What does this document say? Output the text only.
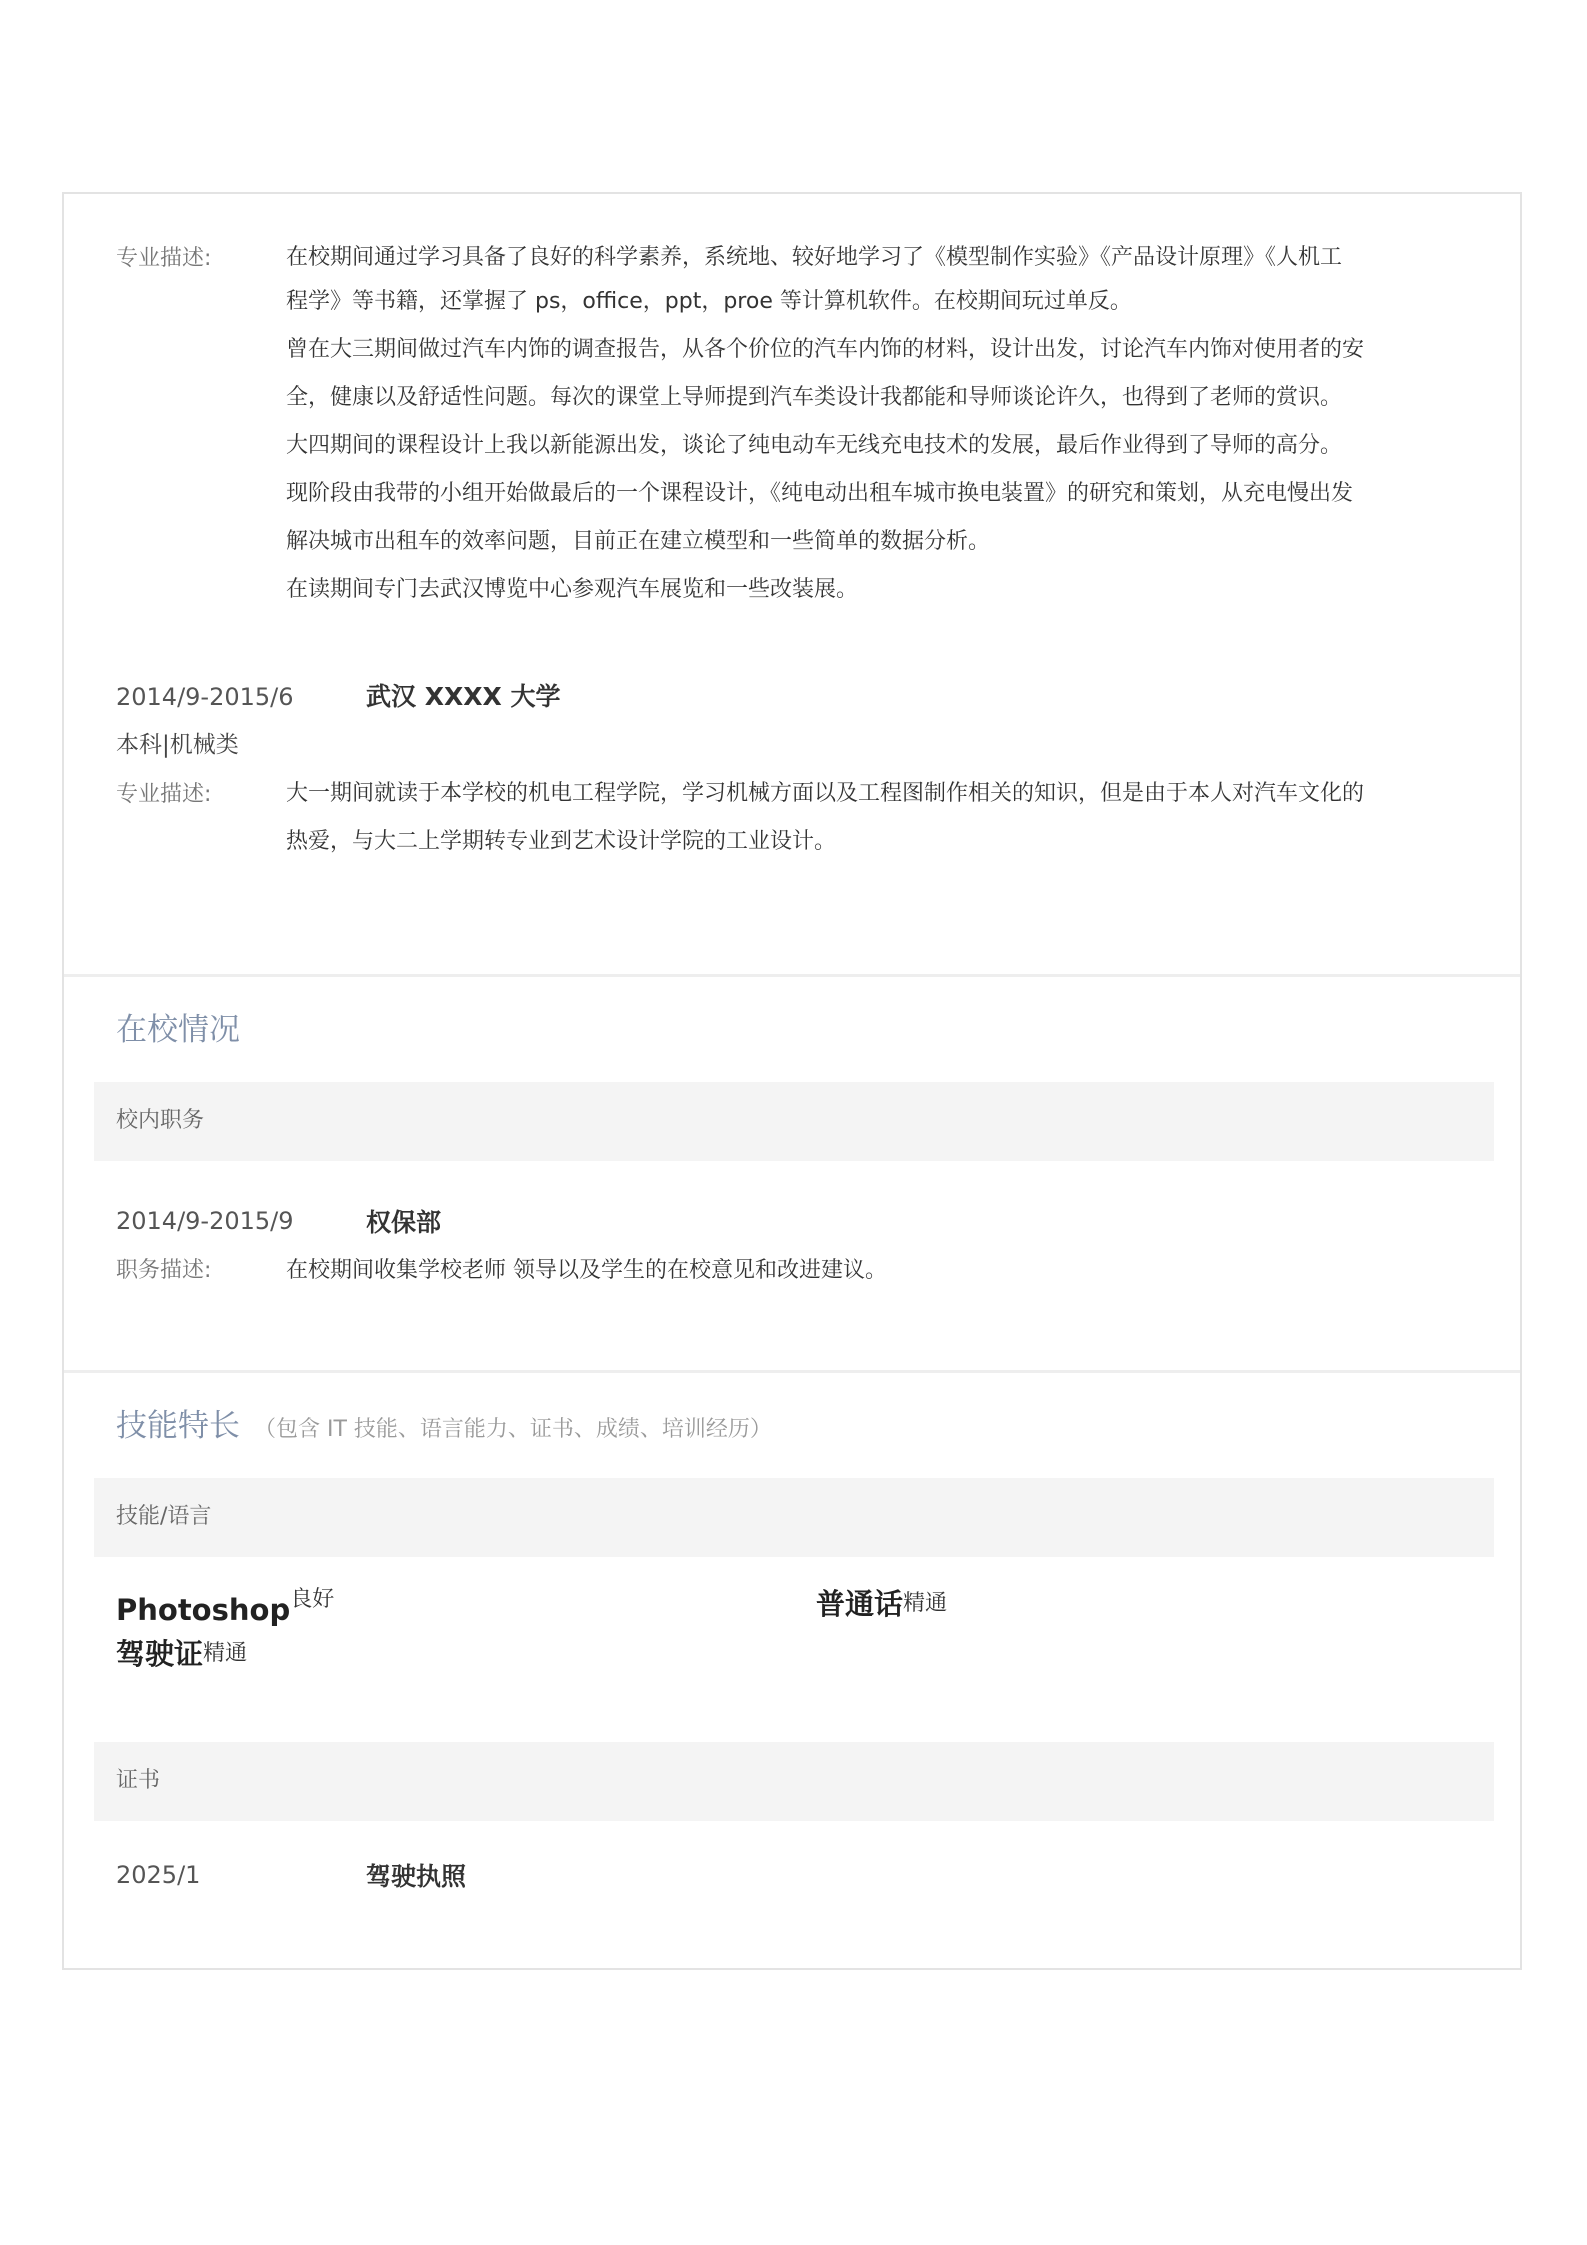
专业描述:	在校期间通过学习具备了良好的科学素养，系统地、较好地学习了《模型制作实验》《产品设计原理》《人机工
程学》等书籍，还掌握了 ps，office，ppt，proe 等计算机软件。在校期间玩过单反。
曾在大三期间做过汽车内饰的调查报告，从各个价位的汽车内饰的材料，设计出发，讨论汽车内饰对使用者的安
全，健康以及舒适性问题。每次的课堂上导师提到汽车类设计我都能和导师谈论许久，也得到了老师的赏识。
大四期间的课程设计上我以新能源出发，谈论了纯电动车无线充电技术的发展，最后作业得到了导师的高分。
现阶段由我带的小组开始做最后的一个课程设计，《纯电动出租车城市换电装置》的研究和策划，从充电慢出发
解决城市出租车的效率问题，目前正在建立模型和一些简单的数据分析。
在读期间专门去武汉博览中心参观汽车展览和一些改装展。
2014/9-2015/6	武汉 XXXX 大学
本科|机械类
专业描述:	大一期间就读于本学校的机电工程学院，学习机械方面以及工程图制作相关的知识，但是由于本人对汽车文化的
热爱，与大二上学期转专业到艺术设计学院的工业设计。
在校情况
校内职务
2014/9-2015/9	权保部
职务描述:	在校期间收集学校老师 领导以及学生的在校意见和改进建议。
技能特长 （包含 IT 技能、语言能力、证书、成绩、培训经历）
技能/语言
Photoshop$^{良好}$	普通话$^{精通}$
驾驶证$^{精通}$
证书
2025/1	驾驶执照
